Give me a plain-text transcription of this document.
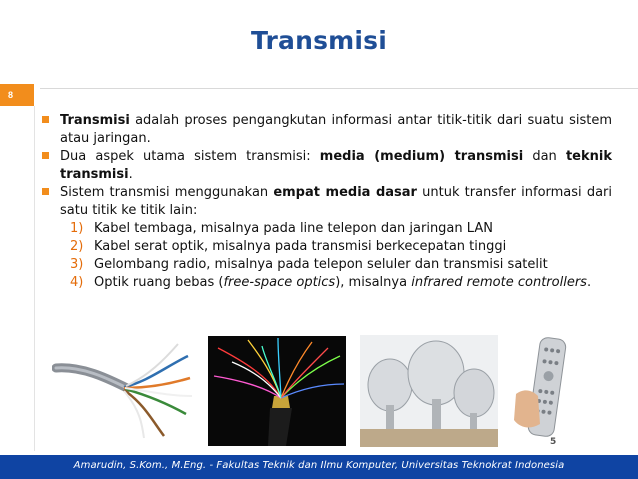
Transmisi
8
Transmisi adalah proses pengangkutan informasi antar titik-titik dari suatu sistem atau jaringan.
Dua aspek utama sistem transmisi: media (medium) transmisi dan teknik transmisi.
Sistem transmisi menggunakan empat media dasar untuk transfer informasi dari satu titik ke titik lain:
1) Kabel tembaga, misalnya pada line telepon dan jaringan LAN
2) Kabel serat optik, misalnya pada transmisi berkecepatan tinggi
3) Gelombang radio, misalnya pada telepon seluler dan transmisi satelit
4) Optik ruang bebas (free-space optics), misalnya infrared remote controllers.
5
Amarudin, S.Kom., M.Eng. - Fakultas Teknik dan Ilmu Komputer, Universitas Teknokrat Indonesia
